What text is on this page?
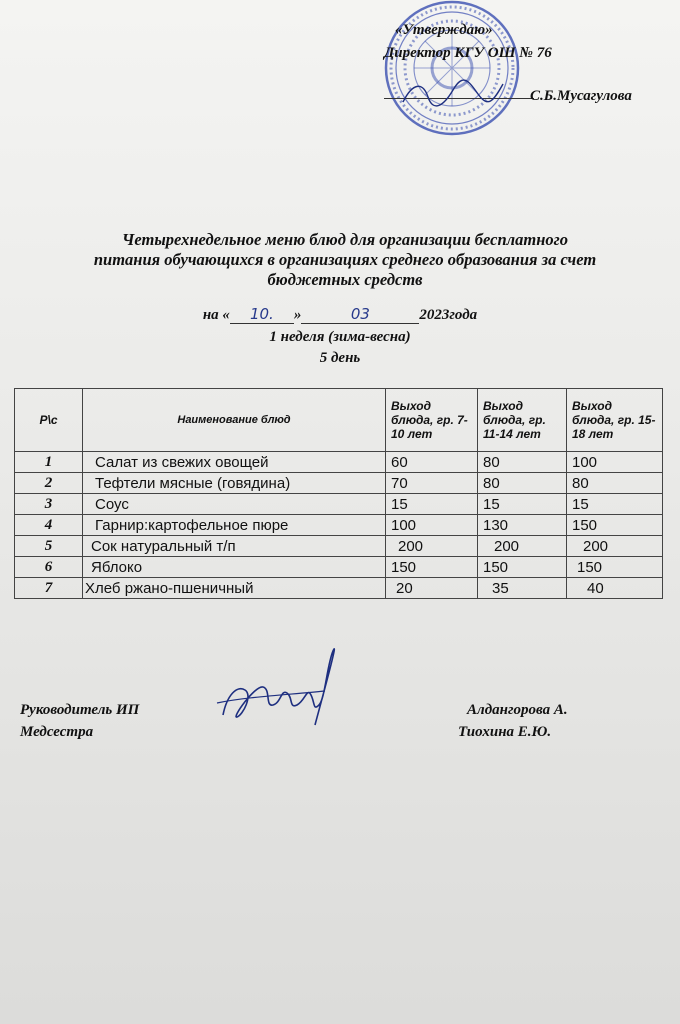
«Утверждаю»
Директор КГУ ОШ № 76
С.Б.Мусагулова
Четырехнедельное меню блюд для организации бесплатного
питания обучающихся в организациях среднего образования за счет
бюджетных средств
на « 10. »	03	2023года
1 неделя (зима-весна)
5 день
Р\с	Наименование блюд	Выход блюда, гр. 7-10 лет	Выход блюда, гр. 11-14 лет	Выход блюда, гр. 15-18 лет
1	Салат из свежих овощей	60	80	100
2	Тефтели мясные (говядина)	70	80	80
3	Соус	15	15	15
4	Гарнир:картофельное пюре	100	130	150
5	Сок натуральный т/п	200	200	200
6	Яблоко	150	150	150
7	Хлеб ржано-пшеничный	20	35	40
Руководитель ИП
Медсестра
Алдангорова А.
Тиохина Е.Ю.
